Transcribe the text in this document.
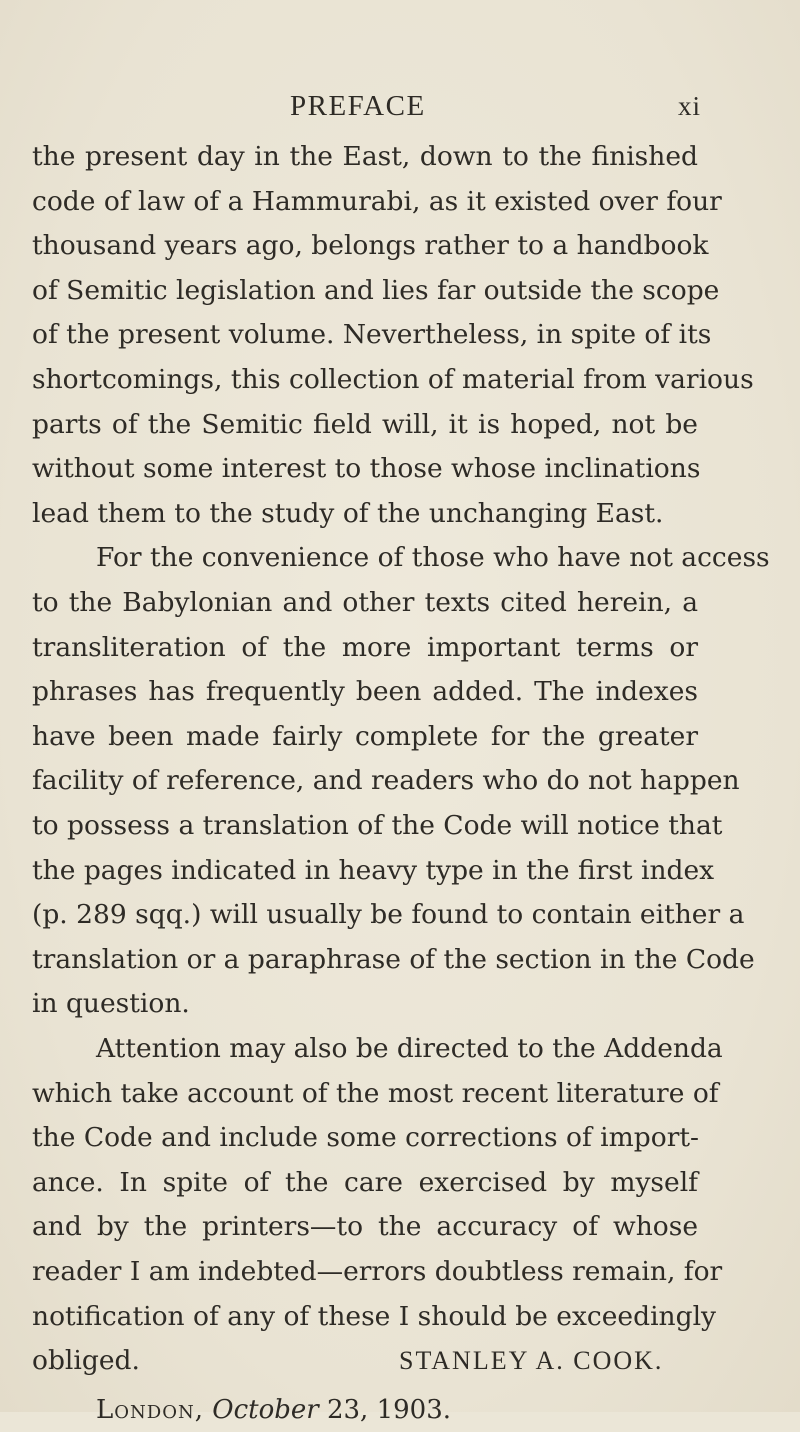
PREFACE	xi
the present day in the East, down to the finished
code of law of a Hammurabi, as it existed over four
thousand years ago, belongs rather to a handbook
of Semitic legislation and lies far outside the scope
of the present volume. Nevertheless, in spite of its
shortcomings, this collection of material from various
parts of the Semitic field will, it is hoped, not be
without some interest to those whose inclinations
lead them to the study of the unchanging East.
For the convenience of those who have not access
to the Babylonian and other texts cited herein, a
transliteration of the more important terms or
phrases has frequently been added. The indexes
have been made fairly complete for the greater
facility of reference, and readers who do not happen
to possess a translation of the Code will notice that
the pages indicated in heavy type in the first index
(p. 289 sqq.) will usually be found to contain either a
translation or a paraphrase of the section in the Code
in question.
Attention may also be directed to the Addenda
which take account of the most recent literature of
the Code and include some corrections of import-
ance. In spite of the care exercised by myself
and by the printers—to the accuracy of whose
reader I am indebted—errors doubtless remain, for
notification of any of these I should be exceedingly
obliged.	STANLEY A. COOK.
London, October 23, 1903.
